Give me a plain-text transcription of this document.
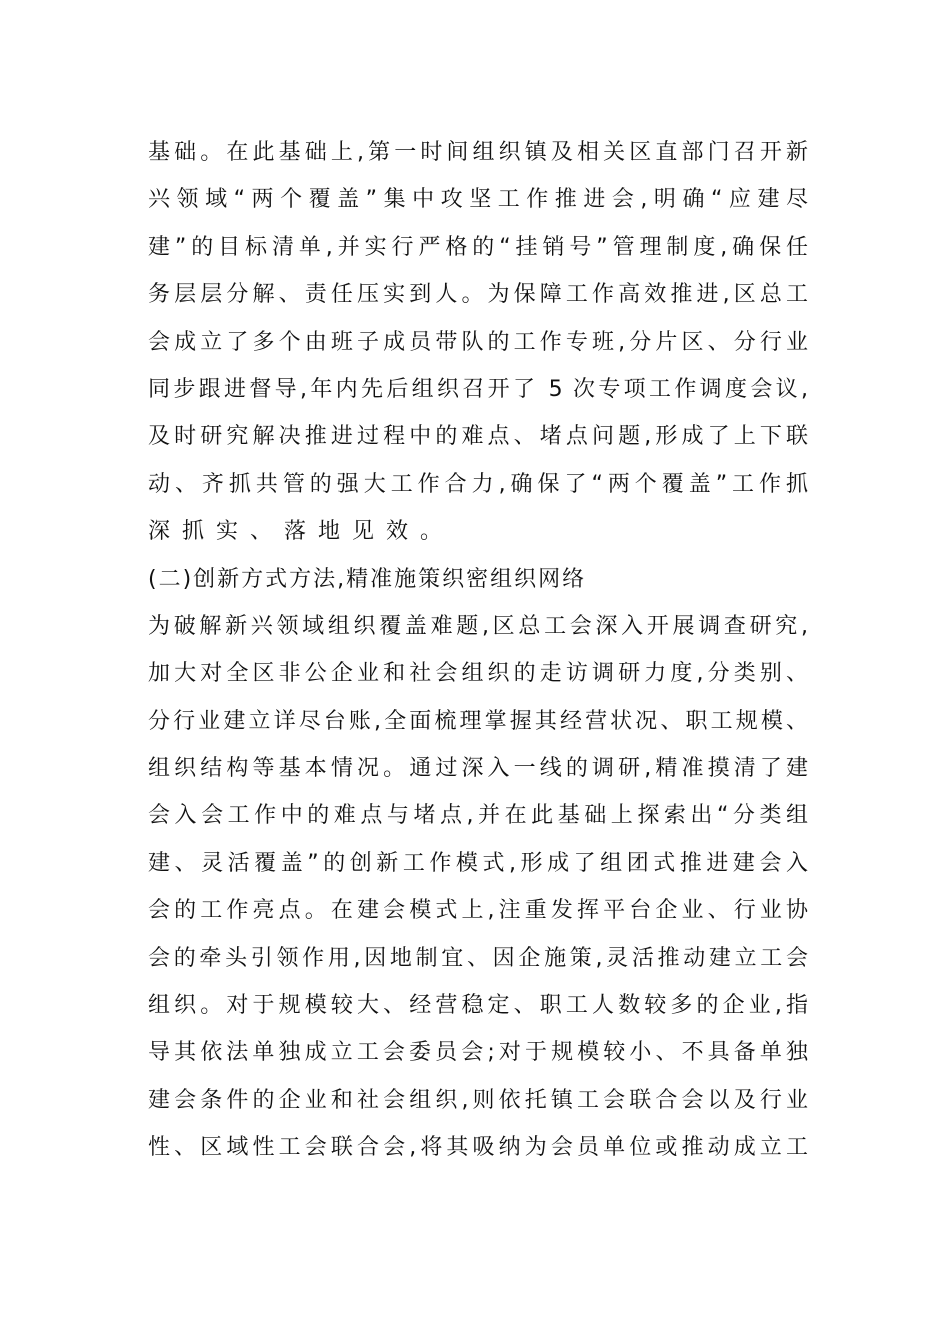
基础。在此基础上,第一时间组织镇及相关区直部门召开新
兴领域“两个覆盖”集中攻坚工作推进会,明确“应建尽
建”的目标清单,并实行严格的“挂销号”管理制度,确保任
务层层分解、责任压实到人。为保障工作高效推进,区总工
会成立了多个由班子成员带队的工作专班,分片区、分行业
同步跟进督导,年内先后组织召开了 5 次专项工作调度会议,
及时研究解决推进过程中的难点、堵点问题,形成了上下联
动、齐抓共管的强大工作合力,确保了“两个覆盖”工作抓
深抓实、落地见效。
(二)创新方式方法,精准施策织密组织网络
为破解新兴领域组织覆盖难题,区总工会深入开展调查研究,
加大对全区非公企业和社会组织的走访调研力度,分类别、
分行业建立详尽台账,全面梳理掌握其经营状况、职工规模、
组织结构等基本情况。通过深入一线的调研,精准摸清了建
会入会工作中的难点与堵点,并在此基础上探索出“分类组
建、灵活覆盖”的创新工作模式,形成了组团式推进建会入
会的工作亮点。在建会模式上,注重发挥平台企业、行业协
会的牵头引领作用,因地制宜、因企施策,灵活推动建立工会
组织。对于规模较大、经营稳定、职工人数较多的企业,指
导其依法单独成立工会委员会;对于规模较小、不具备单独
建会条件的企业和社会组织,则依托镇工会联合会以及行业
性、区域性工会联合会,将其吸纳为会员单位或推动成立工
